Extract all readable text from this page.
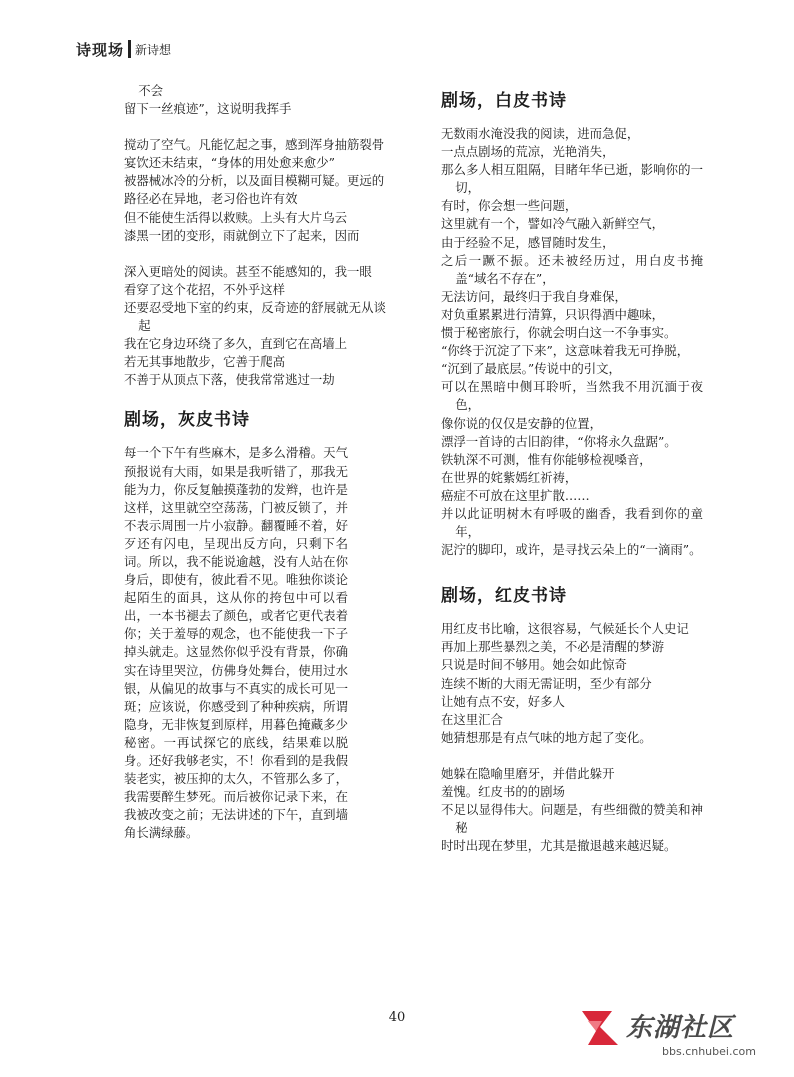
诗现场 新诗想
不会
留下一丝痕迹”，这说明我挥手
搅动了空气。凡能忆起之事，感到浑身抽筋裂骨
宴饮还未结束，“身体的用处愈来愈少”
被器械冰冷的分析，以及面目模糊可疑。更远的
路径必在异地，老习俗也许有效
但不能使生活得以救赎。上头有大片乌云
漆黑一团的变形，雨就倒立下了起来，因而
深入更暗处的阅读。甚至不能感知的，我一眼
看穿了这个花招，不外乎这样
还要忍受地下室的约束，反奇迹的舒展就无从谈起
我在它身边环绕了多久，直到它在高墙上
若无其事地散步，它善于爬高
不善于从顶点下落，使我常常逃过一劫
剧场，灰皮书诗

每一个下午有些麻木，是多么滑稽。天气预报说有大雨，如果是我听错了，那我无能为力，你反复触摸蓬勃的发辫，也许是这样，这里就空空荡荡，门被反锁了，并不表示周围一片小寂静。翻覆睡不着，好歹还有闪电，呈现出反方向，只剩下名词。所以，我不能说逾越，没有人站在你身后，即使有，彼此看不见。唯独你谈论起陌生的面具，这从你的挎包中可以看出，一本书褪去了颜色，或者它更代表着你；关于羞辱的观念，也不能使我一下子掉头就走。这显然你似乎没有背景，你确实在诗里哭泣，仿佛身处舞台，使用过水银，从偏见的故事与不真实的成长可见一斑；应该说，你感受到了种种疾病，所谓隐身，无非恢复到原样，用暮色掩藏多少秘密。一再试探它的底线，结果难以脱身。还好我够老实，不！你看到的是我假装老实，被压抑的太久，不管那么多了，我需要醉生梦死。而后被你记录下来，在我被改变之前；无法讲述的下午，直到墙角长满绿藤。

剧场，白皮书诗
无数雨水淹没我的阅读，进而急促，
一点点剧场的荒凉，光艳消失，
那么多人相互阻隔，目睹年华已逝，影响你的一切，
有时，你会想一些问题，
这里就有一个，譬如冷气融入新鲜空气，
由于经验不足，感冒随时发生，
之后一蹶不振。还未被经历过，用白皮书掩盖“域名不存在”，
无法访问，最终归于我自身难保，
对负重累累进行清算，只识得酒中趣味，
惯于秘密旅行，你就会明白这一不争事实。
“你终于沉淀了下来”，这意味着我无可挣脱，
“沉到了最底层。”传说中的引文，
可以在黑暗中侧耳聆听，当然我不用沉湎于夜色，
像你说的仅仅是安静的位置，
漂浮一首诗的古旧韵律，“你将永久盘踞”。
铁轨深不可测，惟有你能够检视嗓音，
在世界的姹紫嫣红祈祷，
癌症不可放在这里扩散……
并以此证明树木有呼吸的幽香，我看到你的童年，
泥泞的脚印，或许，是寻找云朵上的“一滴雨”。
剧场，红皮书诗
用红皮书比喻，这很容易，气候延长个人史记
再加上那些暴烈之美，不必是清醒的梦游
只说是时间不够用。她会如此惊奇
连续不断的大雨无需证明，至少有部分
让她有点不安，好多人
在这里汇合
她猜想那是有点气味的地方起了变化。
她躲在隐喻里磨牙，并借此躲开
羞愧。红皮书的的剧场
不足以显得伟大。问题是，有些细微的赞美和神秘
时时出现在梦里，尤其是撤退越来越迟疑。
40	东湖社区
bbs.cnhubei.com
